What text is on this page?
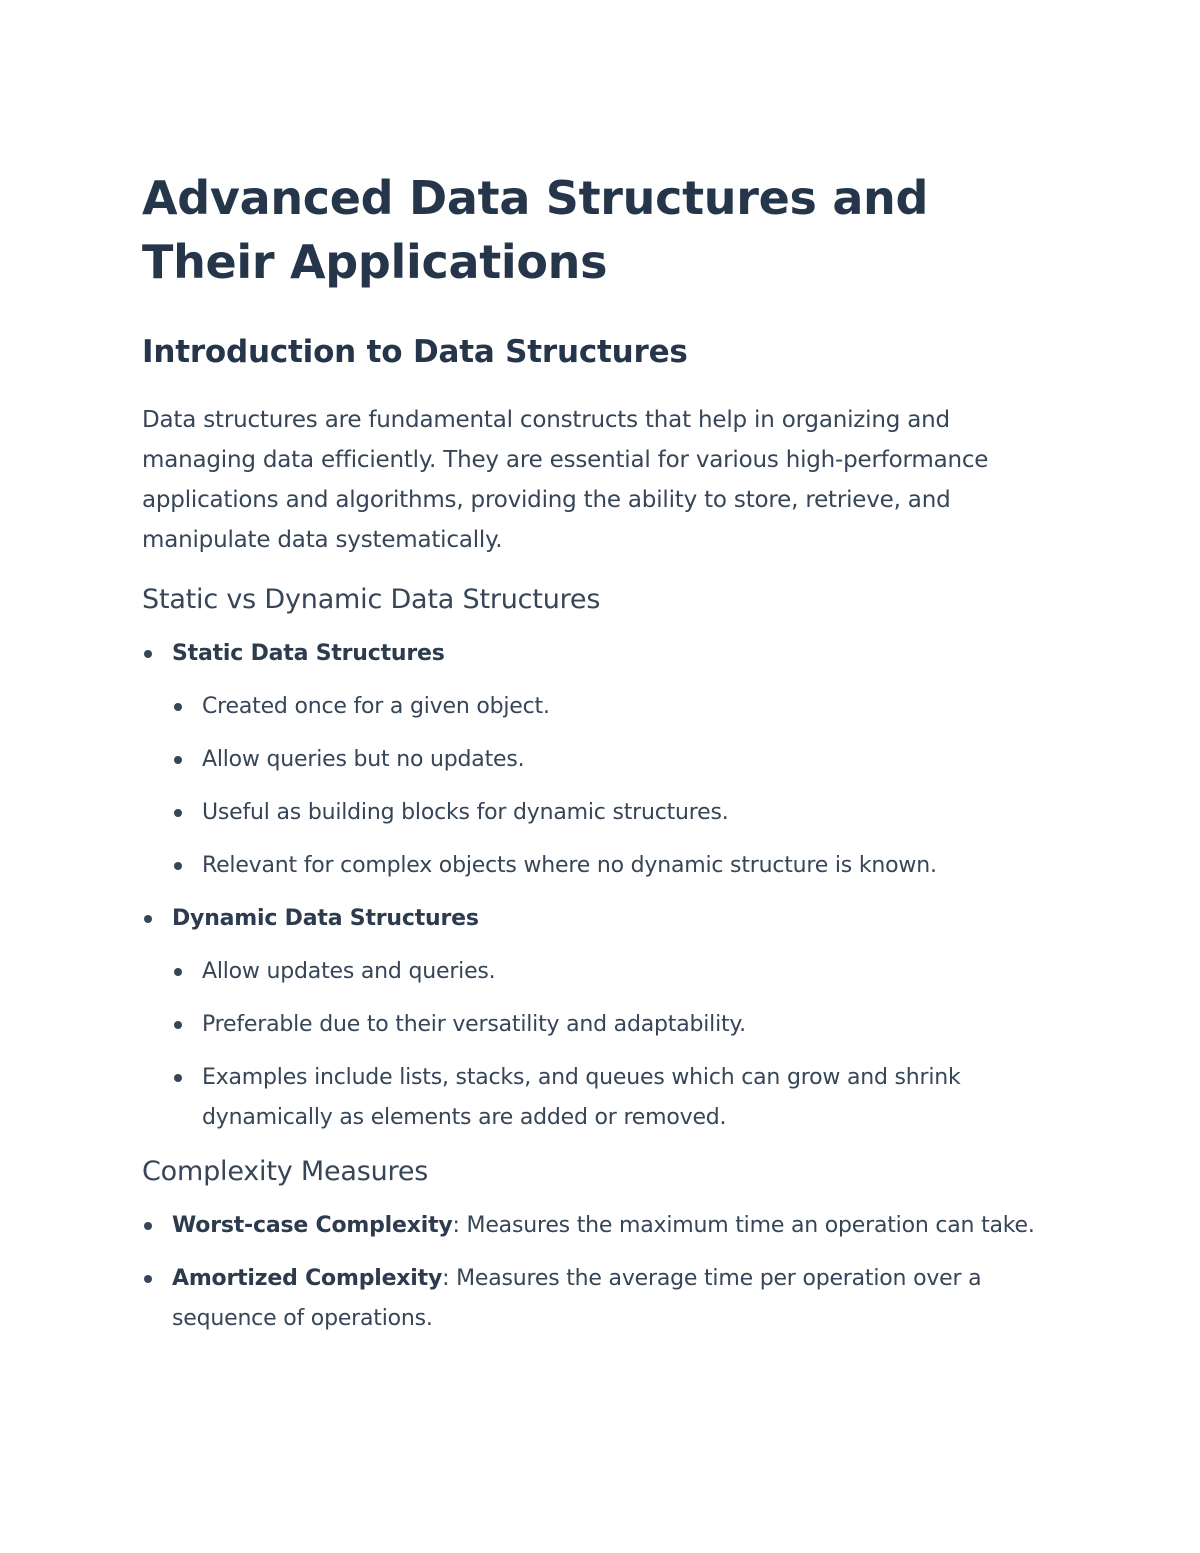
Advanced Data Structures and Their Applications
Introduction to Data Structures

Data structures are fundamental constructs that help in organizing and managing data efficiently. They are essential for various high-performance applications and algorithms, providing the ability to store, retrieve, and manipulate data systematically.

Static vs Dynamic Data Structures
Static Data Structures
Created once for a given object.
Allow queries but no updates.
Useful as building blocks for dynamic structures.
Relevant for complex objects where no dynamic structure is known.
Dynamic Data Structures
Allow updates and queries.
Preferable due to their versatility and adaptability.
Examples include lists, stacks, and queues which can grow and shrink dynamically as elements are added or removed.
Complexity Measures
Worst-case Complexity: Measures the maximum time an operation can take.
Amortized Complexity: Measures the average time per operation over a sequence of operations.
